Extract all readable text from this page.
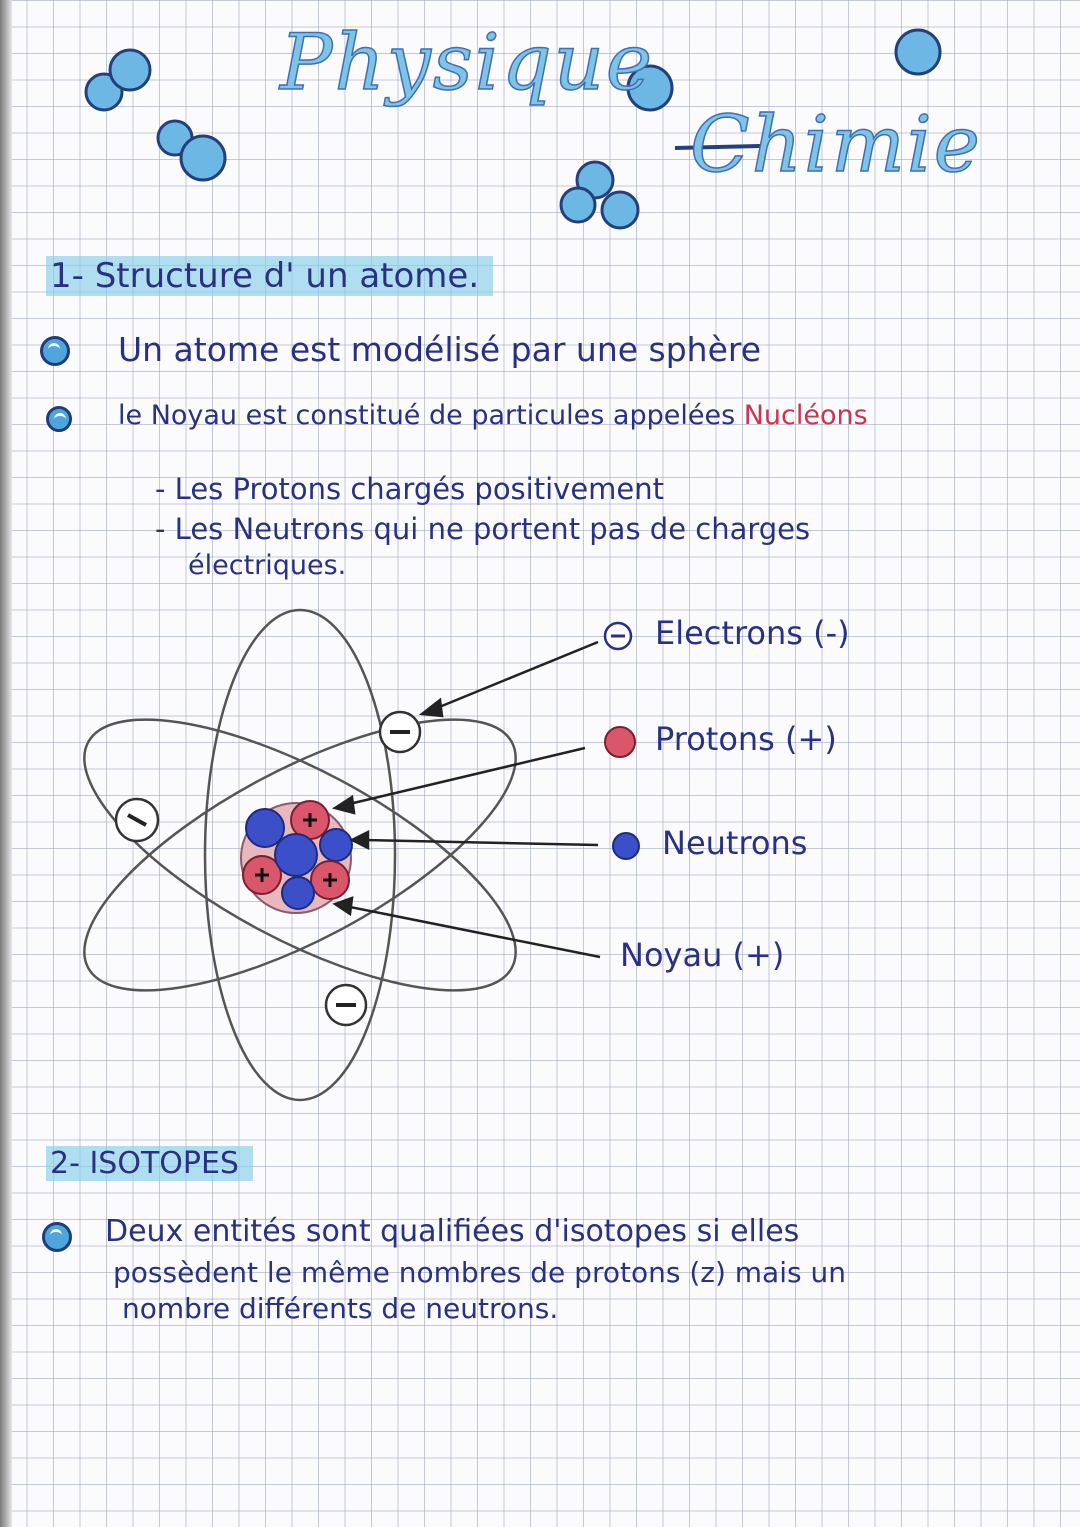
Physique
Chimie
1- Structure d' un atome.
Un atome est modélisé par une sphère
le Noyau est constitué de particules appelées Nucléons
- Les Protons chargés positivement
- Les Neutrons qui ne portent pas de charges
électriques.
Electrons (-)
Protons (+)
Neutrons
Noyau (+)
2- ISOTOPES
Deux entités sont qualifiées d'isotopes si elles
possèdent le même nombres de protons (z) mais un
nombre différents de neutrons.
